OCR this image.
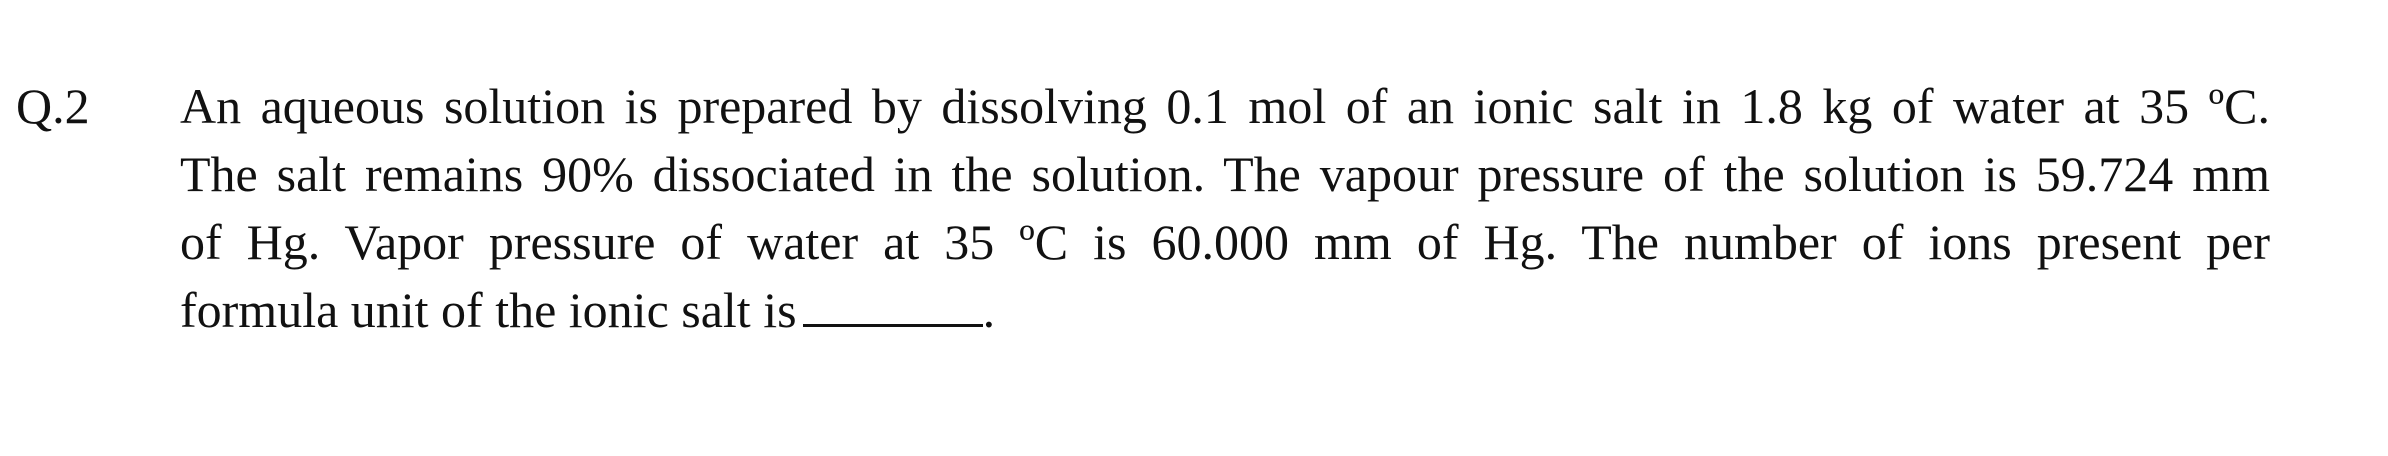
Q.2 An aqueous solution is prepared by dissolving 0.1 mol of an ionic salt in 1.8 kg of water at 35 ºC.
The salt remains 90% dissociated in the solution. The vapour pressure of the solution is 59.724 mm
of Hg. Vapor pressure of water at 35 ºC is 60.000 mm of Hg. The number of ions present per
formula unit of the ionic salt is	.
